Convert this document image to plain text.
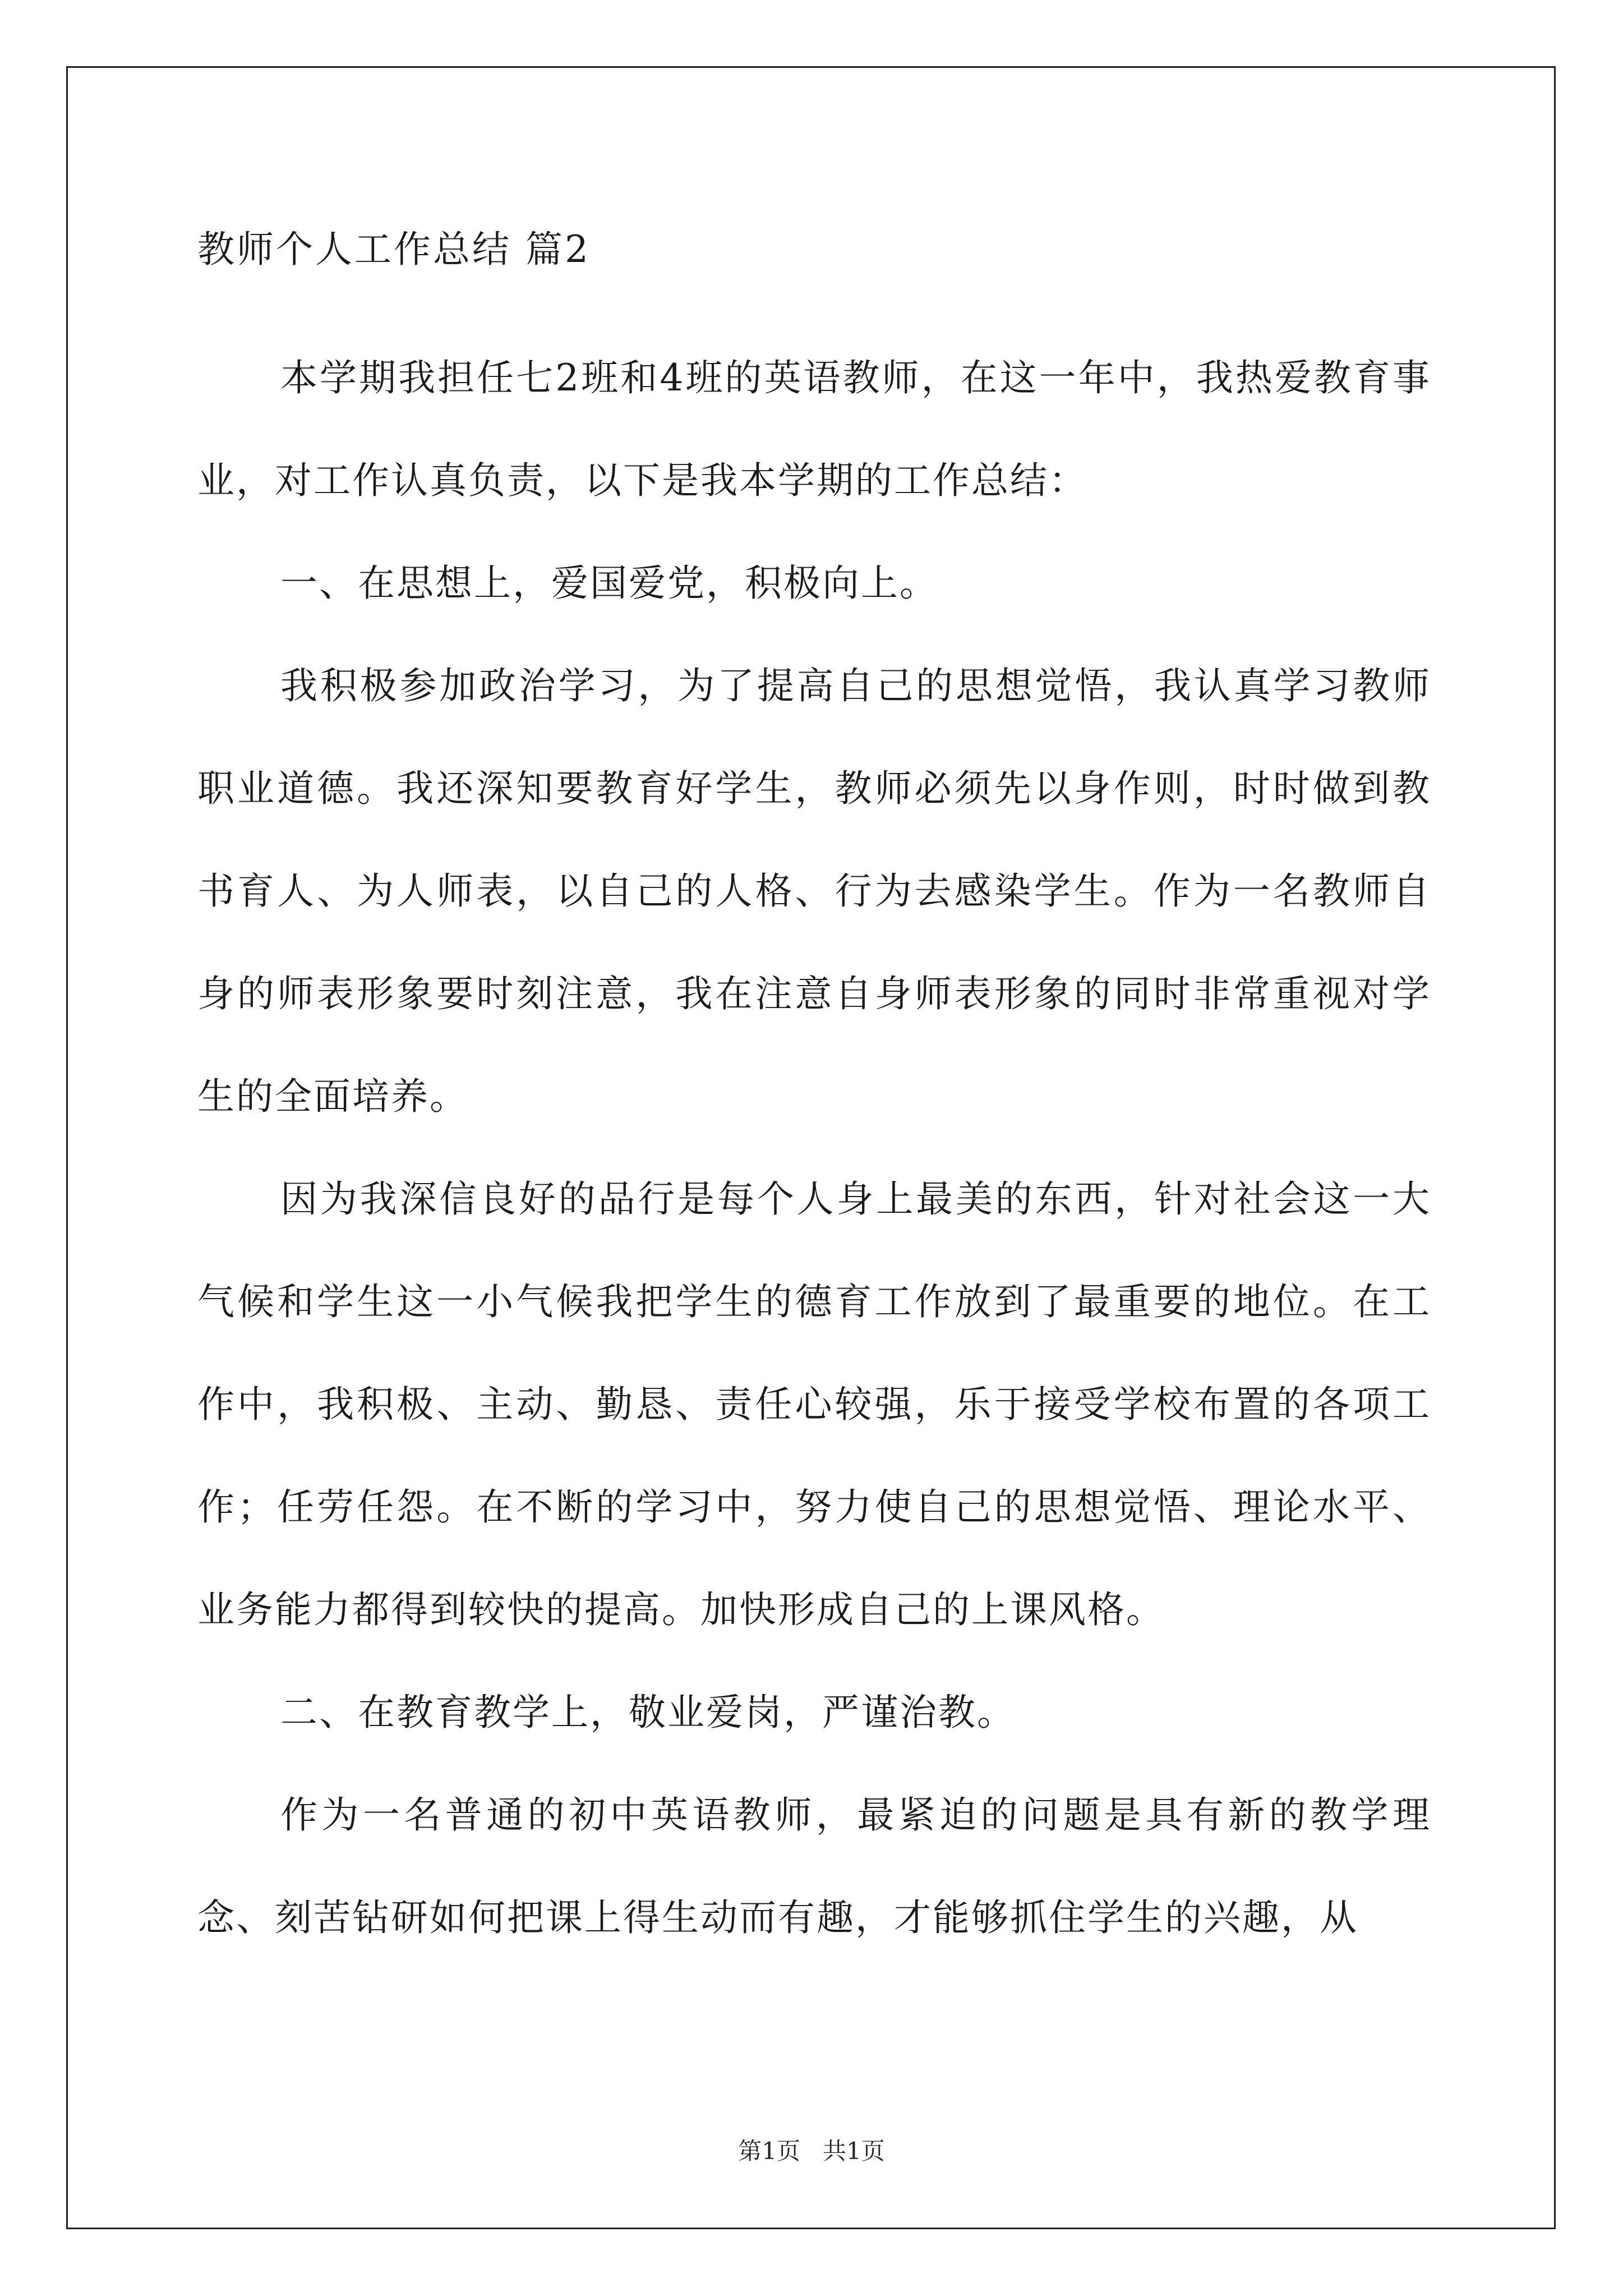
教师个人工作总结 篇2

本学期我担任七2班和4班的英语教师，在这一年中，我热爱教育事业，对工作认真负责，以下是我本学期的工作总结：

一、在思想上，爱国爱党，积极向上。

我积极参加政治学习，为了提高自己的思想觉悟，我认真学习教师职业道德。我还深知要教育好学生，教师必须先以身作则，时时做到教书育人、为人师表，以自己的人格、行为去感染学生。作为一名教师自身的师表形象要时刻注意，我在注意自身师表形象的同时非常重视对学生的全面培养。

因为我深信良好的品行是每个人身上最美的东西，针对社会这一大气候和学生这一小气候我把学生的德育工作放到了最重要的地位。在工作中，我积极、主动、勤恳、责任心较强，乐于接受学校布置的各项工作；任劳任怨。在不断的学习中，努力使自己的思想觉悟、理论水平、业务能力都得到较快的提高。加快形成自己的上课风格。

二、在教育教学上，敬业爱岗，严谨治教。

作为一名普通的初中英语教师，最紧迫的问题是具有新的教学理念、刻苦钻研如何把课上得生动而有趣，才能够抓住学生的兴趣，从

第1页   共1页
